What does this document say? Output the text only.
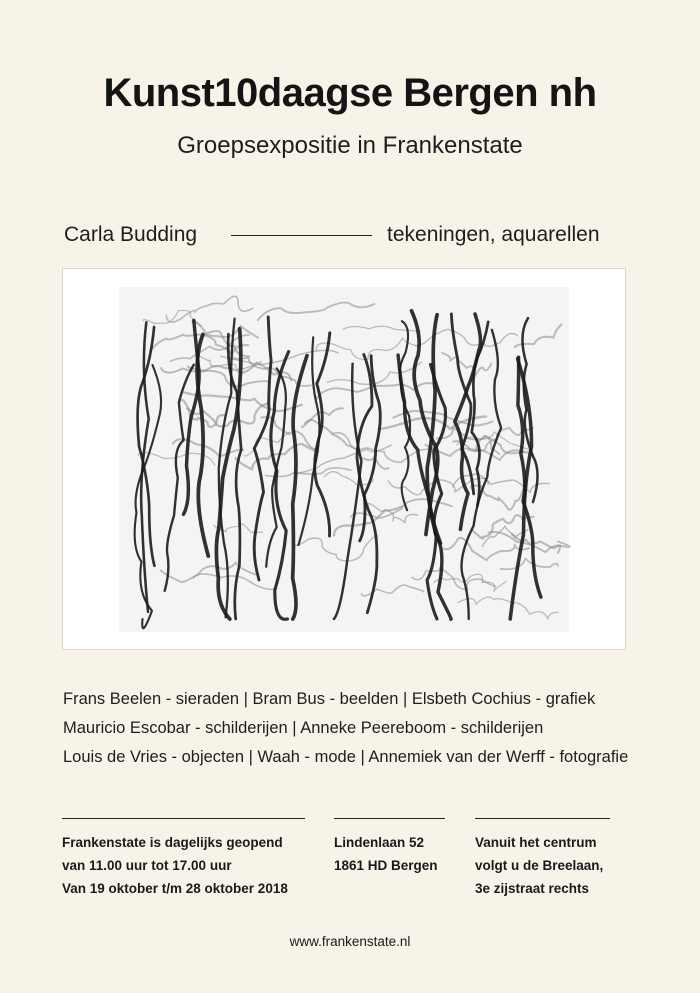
Kunst10daagse Bergen nh
Groepsexpositie in Frankenstate
Carla Budding	tekeningen, aquarellen
Frans Beelen - sieraden | Bram Bus - beelden | Elsbeth Cochius - grafiek
Mauricio Escobar - schilderijen | Anneke Peereboom - schilderijen
Louis de Vries - objecten | Waah - mode | Annemiek van der Werff - fotografie
Frankenstate is dagelijks geopend
van 11.00 uur tot 17.00 uur
Van 19 oktober t/m 28 oktober 2018
Lindenlaan 52
1861 HD Bergen
Vanuit het centrum
volgt u de Breelaan,
3e zijstraat rechts
www.frankenstate.nl
